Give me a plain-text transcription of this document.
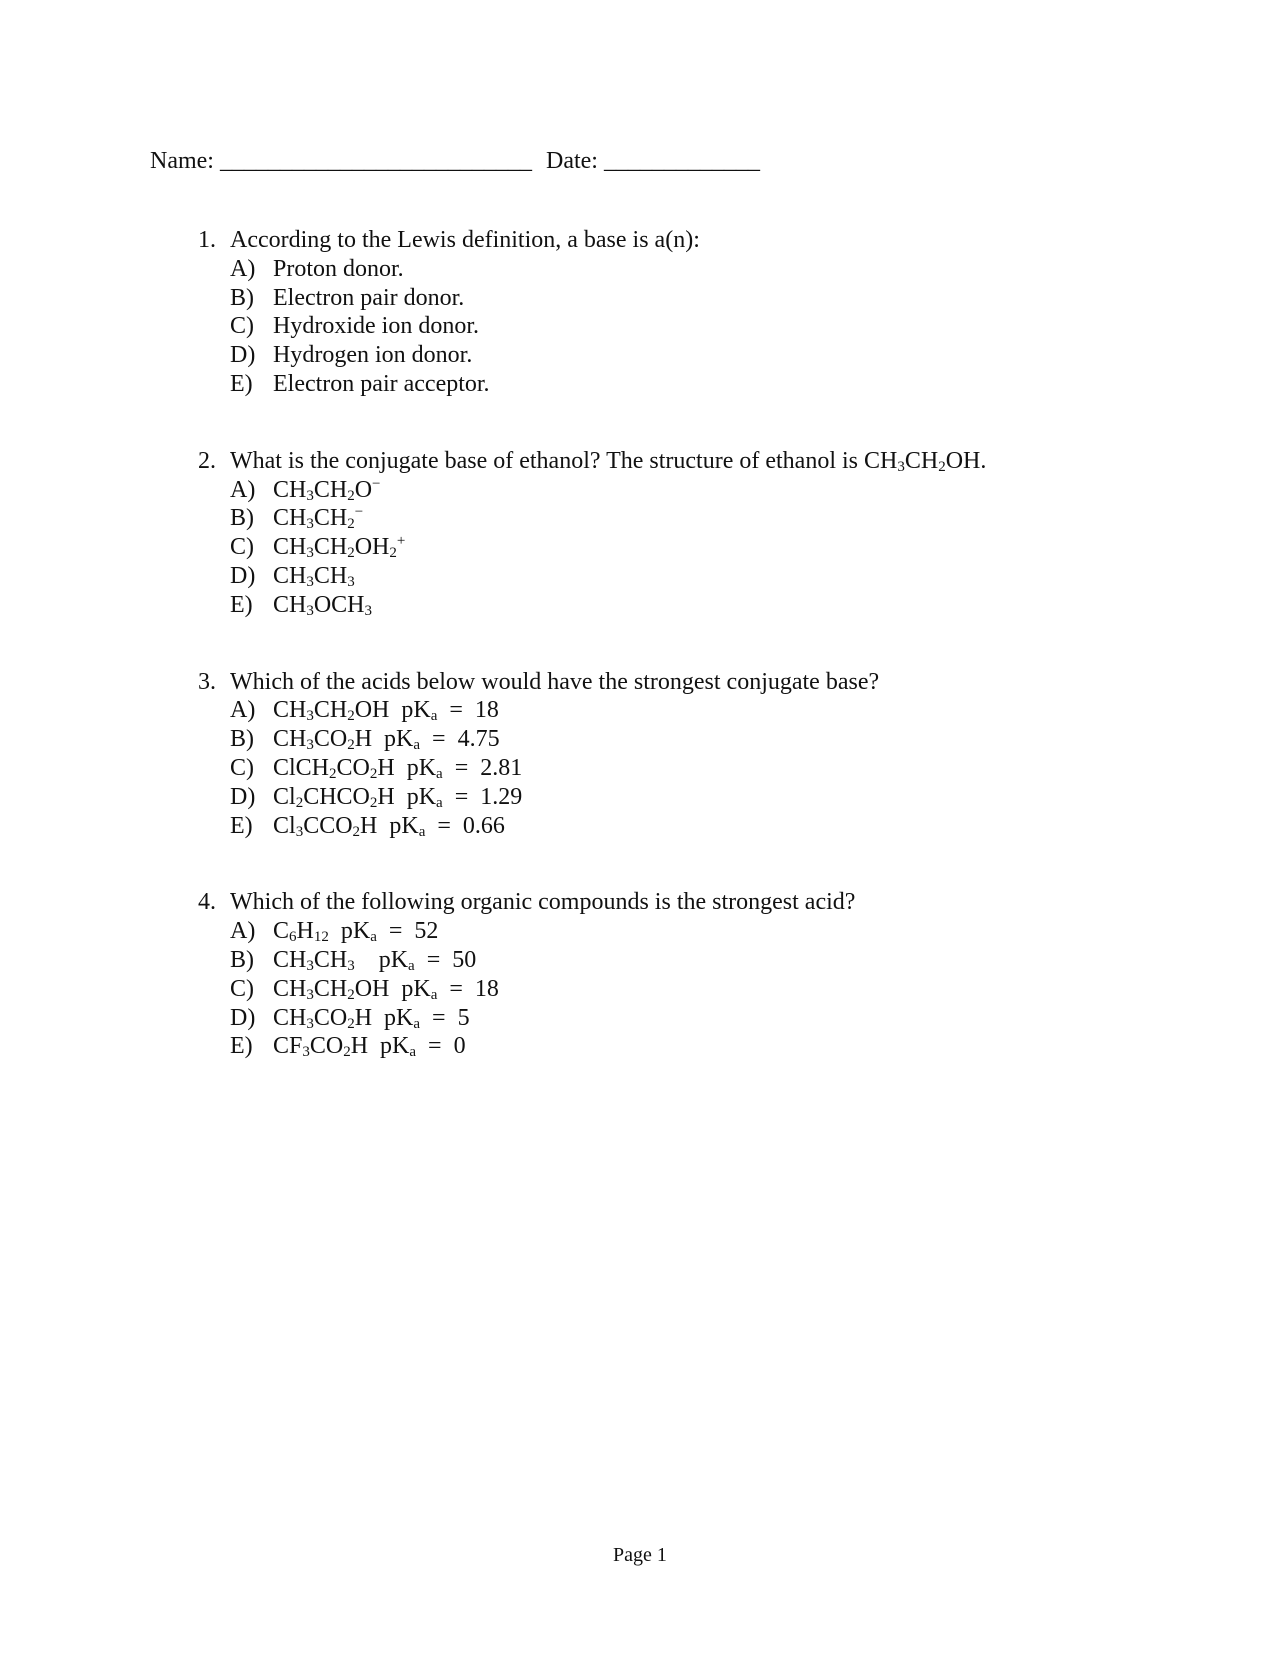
Name: __________________________ Date: _____________
1. According to the Lewis definition, a base is a(n):
A) Proton donor.
B) Electron pair donor.
C) Hydroxide ion donor.
D) Hydrogen ion donor.
E) Electron pair acceptor.
2. What is the conjugate base of ethanol? The structure of ethanol is $CH_3CH_2OH$.
A) $CH_3CH_2O^-$
B) $CH_3CH_2^-$
C) $CH_3CH_2OH_2^+$
D) $CH_3CH_3$
E) $CH_3OCH_3$
3. Which of the acids below would have the strongest conjugate base?
A) $CH_3CH_2OH$  $pK_a = 18$
B) $CH_3CO_2H$  $pK_a = 4.75$
C) $ClCH_2CO_2H$  $pK_a = 2.81$
D) $Cl_2CHCO_2H$  $pK_a = 1.29$
E) $Cl_3CCO_2H$  $pK_a = 0.66$
4. Which of the following organic compounds is the strongest acid?
A) $C_6H_{12}$  $pK_a = 52$
B) $CH_3CH_3$    $pK_a = 50$
C) $CH_3CH_2OH$  $pK_a = 18$
D) $CH_3CO_2H$  $pK_a = 5$
E) $CF_3CO_2H$  $pK_a = 0$
Page 1
